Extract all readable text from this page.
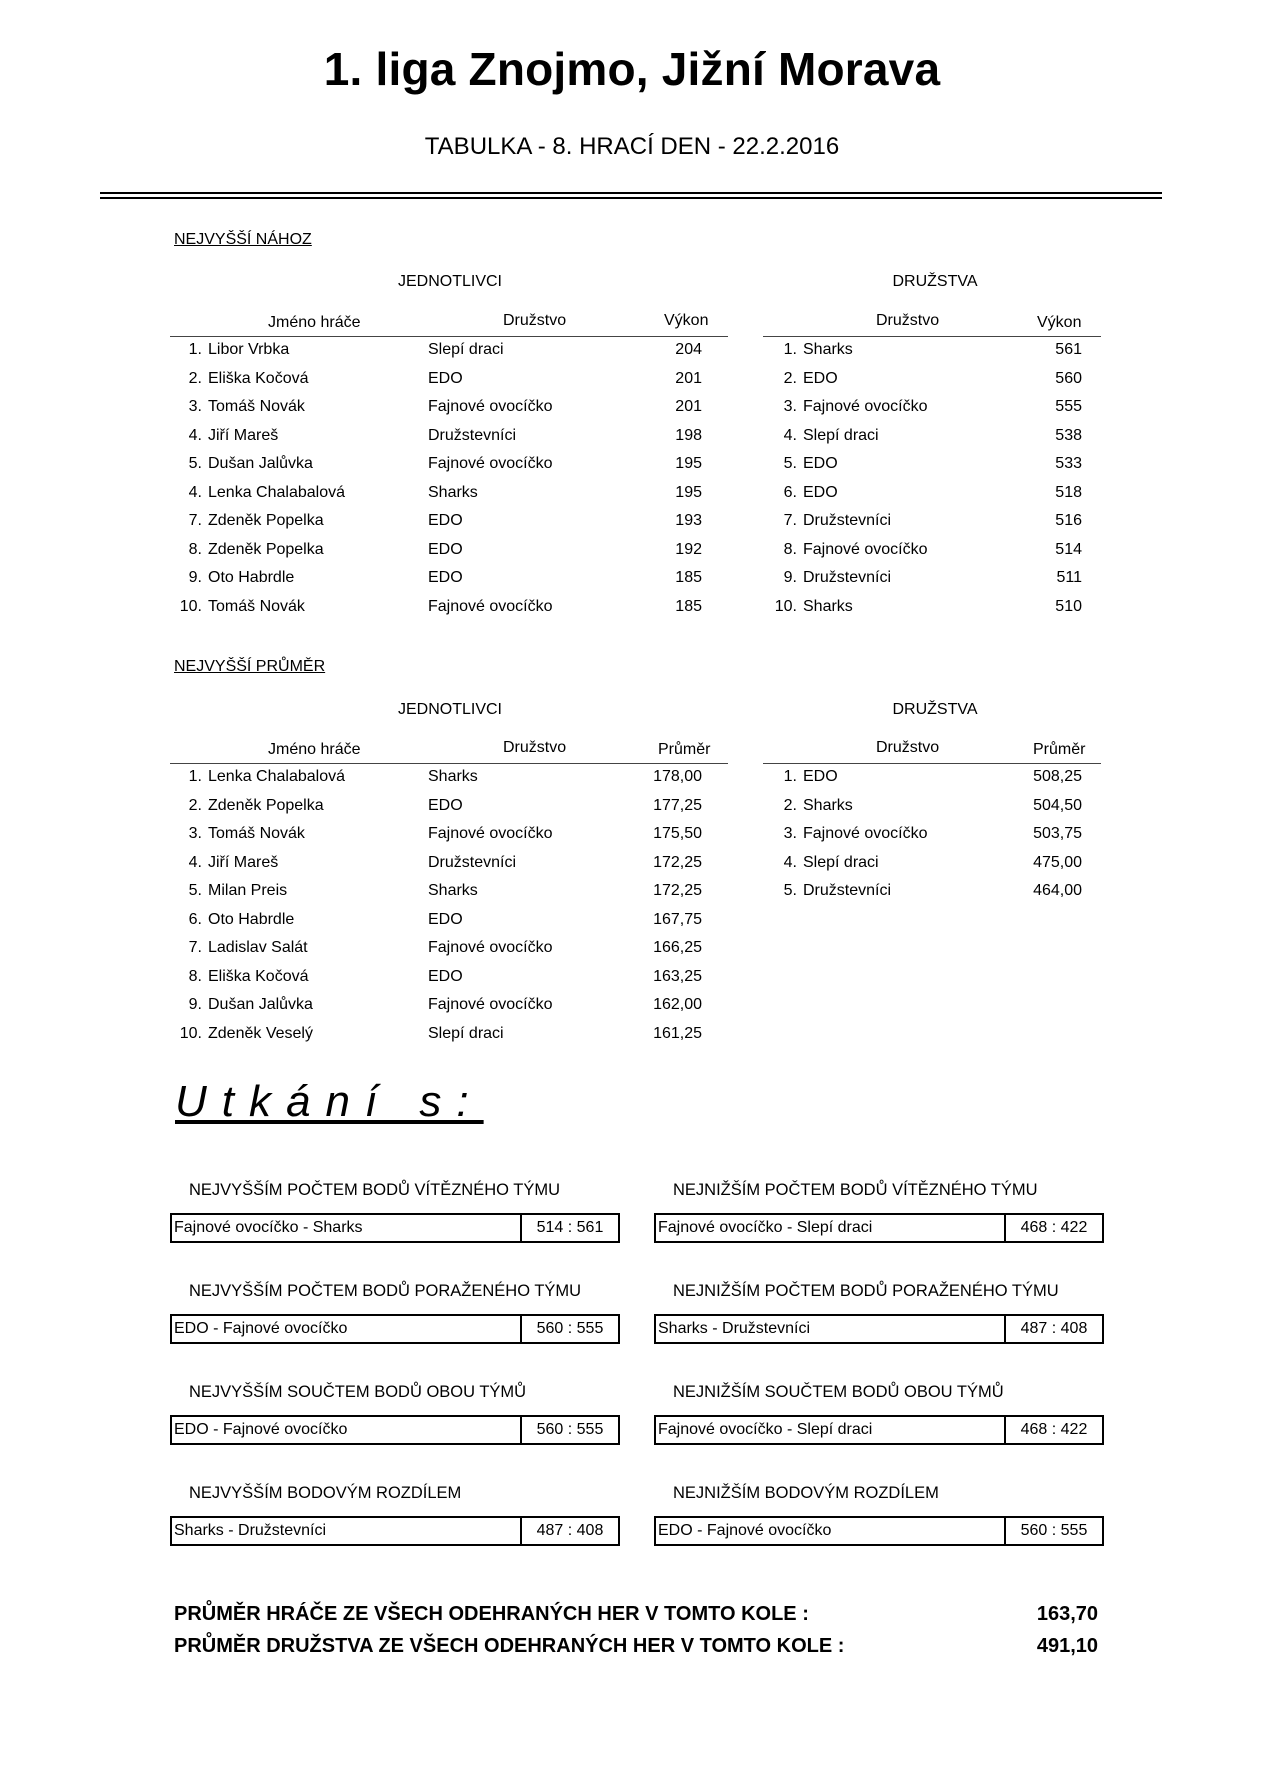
1. liga Znojmo, Jižní Morava
TABULKA - 8. HRACÍ DEN - 22.2.2016
NEJVYŠŠÍ NÁHOZ
JEDNOTLIVCI	DRUŽSTVA
Jméno hráče	Družstvo	Výkon	Družstvo	Výkon
1. Libor Vrbka	Slepí draci	204
2. Eliška Kočová	EDO	201
3. Tomáš Novák	Fajnové ovocíčko	201
4. Jiří Mareš	Družstevníci	198
5. Dušan Jalůvka	Fajnové ovocíčko	195
4. Lenka Chalabalová	Sharks	195
7. Zdeněk Popelka	EDO	193
8. Zdeněk Popelka	EDO	192
9. Oto Habrdle	EDO	185
10. Tomáš Novák	Fajnové ovocíčko	185
1. Sharks	561
2. EDO	560
3. Fajnové ovocíčko	555
4. Slepí draci	538
5. EDO	533
6. EDO	518
7. Družstevníci	516
8. Fajnové ovocíčko	514
9. Družstevníci	511
10. Sharks	510
NEJVYŠŠÍ PRŮMĚR
JEDNOTLIVCI	DRUŽSTVA
Jméno hráče	Družstvo	Průměr	Družstvo	Průměr
1. Lenka Chalabalová	Sharks	178,00
2. Zdeněk Popelka	EDO	177,25
3. Tomáš Novák	Fajnové ovocíčko	175,50
4. Jiří Mareš	Družstevníci	172,25
5. Milan Preis	Sharks	172,25
6. Oto Habrdle	EDO	167,75
7. Ladislav Salát	Fajnové ovocíčko	166,25
8. Eliška Kočová	EDO	163,25
9. Dušan Jalůvka	Fajnové ovocíčko	162,00
10. Zdeněk Veselý	Slepí draci	161,25
1. EDO	508,25
2. Sharks	504,50
3. Fajnové ovocíčko	503,75
4. Slepí draci	475,00
5. Družstevníci	464,00
Utkání s:
NEJVYŠŠÍM POČTEM BODŮ VÍTĚZNÉHO TÝMU
Fajnové ovocíčko - Sharks	514 : 561
NEJNIŽŠÍM POČTEM BODŮ VÍTĚZNÉHO TÝMU
Fajnové ovocíčko - Slepí draci	468 : 422
NEJVYŠŠÍM POČTEM BODŮ PORAŽENÉHO TÝMU
EDO - Fajnové ovocíčko	560 : 555
NEJNIŽŠÍM POČTEM BODŮ PORAŽENÉHO TÝMU
Sharks - Družstevníci	487 : 408
NEJVYŠŠÍM SOUČTEM BODŮ OBOU TÝMŮ
EDO - Fajnové ovocíčko	560 : 555
NEJNIŽŠÍM SOUČTEM BODŮ OBOU TÝMŮ
Fajnové ovocíčko - Slepí draci	468 : 422
NEJVYŠŠÍM BODOVÝM ROZDÍLEM
Sharks - Družstevníci	487 : 408
NEJNIŽŠÍM BODOVÝM ROZDÍLEM
EDO - Fajnové ovocíčko	560 : 555
PRŮMĚR HRÁČE ZE VŠECH ODEHRANÝCH HER V TOMTO KOLE :	163,70
PRŮMĚR DRUŽSTVA ZE VŠECH ODEHRANÝCH HER V TOMTO KOLE :	491,10
